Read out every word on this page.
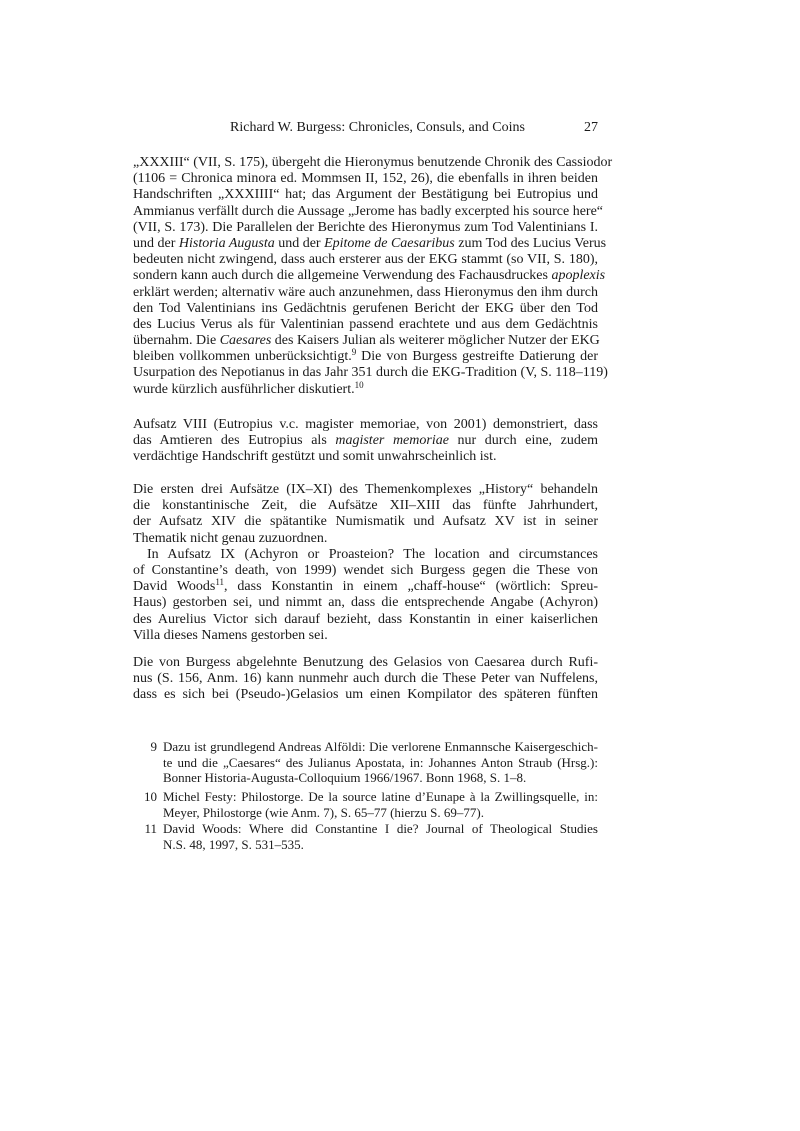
Richard W. Burgess: Chronicles, Consuls, and Coins	27
„XXXIII“ (VII, S. 175), übergeht die Hieronymus benutzende Chronik des Cassiodor
(1106 = Chronica minora ed. Mommsen II, 152, 26), die ebenfalls in ihren beiden
Handschriften „XXXIIII“ hat; das Argument der Bestätigung bei Eutropius und
Ammianus verfällt durch die Aussage „Jerome has badly excerpted his source here“
(VII, S. 173). Die Parallelen der Berichte des Hieronymus zum Tod Valentinians I.
und der Historia Augusta und der Epitome de Caesaribus zum Tod des Lucius Verus
bedeuten nicht zwingend, dass auch ersterer aus der EKG stammt (so VII, S. 180),
sondern kann auch durch die allgemeine Verwendung des Fachausdruckes apoplexis
erklärt werden; alternativ wäre auch anzunehmen, dass Hieronymus den ihm durch
den Tod Valentinians ins Gedächtnis gerufenen Bericht der EKG über den Tod
des Lucius Verus als für Valentinian passend erachtete und aus dem Gedächtnis
übernahm. Die Caesares des Kaisers Julian als weiterer möglicher Nutzer der EKG
bleiben vollkommen unberücksichtigt.$^9$ Die von Burgess gestreifte Datierung der
Usurpation des Nepotianus in das Jahr 351 durch die EKG-Tradition (V, S. 118–119)
wurde kürzlich ausführlicher diskutiert.$^{10}$
Aufsatz VIII (Eutropius v.c. magister memoriae, von 2001) demonstriert, dass
das Amtieren des Eutropius als magister memoriae nur durch eine, zudem
verdächtige Handschrift gestützt und somit unwahrscheinlich ist.
Die ersten drei Aufsätze (IX–XI) des Themenkomplexes „History“ behandeln
die konstantinische Zeit, die Aufsätze XII–XIII das fünfte Jahrhundert,
der Aufsatz XIV die spätantike Numismatik und Aufsatz XV ist in seiner
Thematik nicht genau zuzuordnen.
In Aufsatz IX (Achyron or Proasteion? The location and circumstances
of Constantine’s death, von 1999) wendet sich Burgess gegen die These von
David Woods$^{11}$, dass Konstantin in einem „chaff-house“ (wörtlich: Spreu-
Haus) gestorben sei, und nimmt an, dass die entsprechende Angabe (Achyron)
des Aurelius Victor sich darauf bezieht, dass Konstantin in einer kaiserlichen
Villa dieses Namens gestorben sei.
Die von Burgess abgelehnte Benutzung des Gelasios von Caesarea durch Rufi-
nus (S. 156, Anm. 16) kann nunmehr auch durch die These Peter van Nuffelens,
dass es sich bei (Pseudo-)Gelasios um einen Kompilator des späteren fünften
9 Dazu ist grundlegend Andreas Alföldi: Die verlorene Enmannsche Kaisergeschich-
te und die „Caesares“ des Julianus Apostata, in: Johannes Anton Straub (Hrsg.):
Bonner Historia-Augusta-Colloquium 1966/1967. Bonn 1968, S. 1–8.
10 Michel Festy: Philostorge. De la source latine d’Eunape à la Zwillingsquelle, in:
Meyer, Philostorge (wie Anm. 7), S. 65–77 (hierzu S. 69–77).
11 David Woods: Where did Constantine I die? Journal of Theological Studies
N.S. 48, 1997, S. 531–535.
